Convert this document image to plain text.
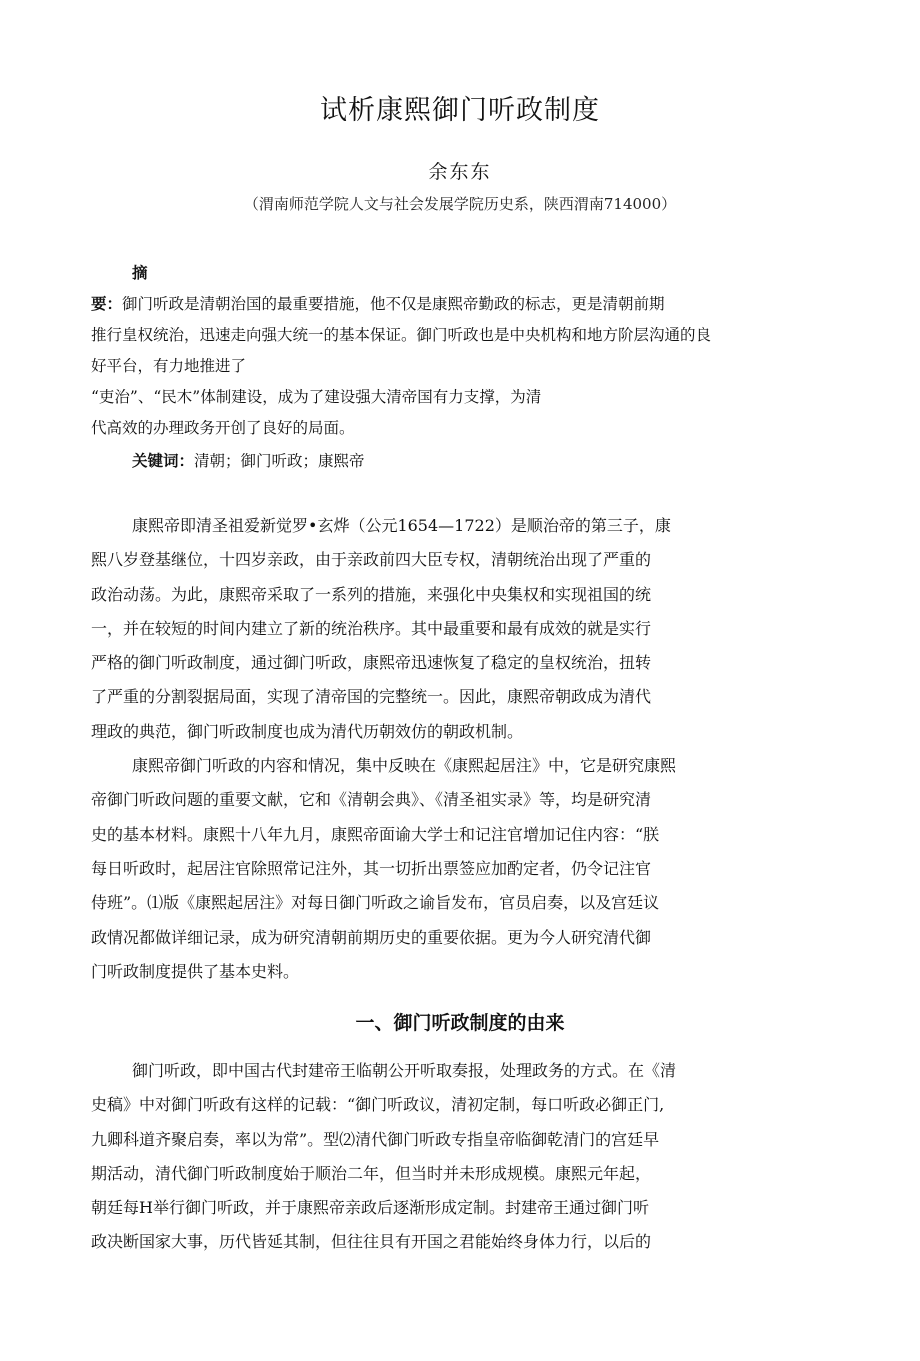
试析康熙御门听政制度
余东东
（渭南师范学院人文与社会发展学院历史系，陕西渭南714000）
摘
要：御门听政是清朝治国的最重要措施，他不仅是康熙帝勤政的标志，更是清朝前期
推行皇权统治，迅速走向强大统一的基本保证。御门听政也是中央机构和地方阶层沟通的良
好平台，有力地推进了
“吏治”、“民木”体制建设，成为了建设强大清帝国有力支撑，为清
代高效的办理政务开创了良好的局面。
关键词：清朝；御门听政；康熙帝
康熙帝即清圣祖爱新觉罗•玄烨（公元1654—1722）是顺治帝的第三子，康
熙八岁登基继位，十四岁亲政，由于亲政前四大臣专权，清朝统治出现了严重的
政治动荡。为此，康熙帝采取了一系列的措施，来强化中央集权和实现祖国的统
一，并在较短的时间内建立了新的统治秩序。其中最重要和最有成效的就是实行
严格的御门听政制度，通过御门听政，康熙帝迅速恢复了稳定的皇权统治，扭转
了严重的分割裂据局面，实现了清帝国的完整统一。因此，康熙帝朝政成为清代
理政的典范，御门听政制度也成为清代历朝效仿的朝政机制。
康熙帝御门听政的内容和情况，集中反映在《康熙起居注》中，它是研究康熙
帝御门听政问题的重要文献，它和《清朝会典》、《清圣祖实录》等，均是研究清
史的基本材料。康熙十八年九月，康熙帝面谕大学士和记注官增加记住内容：“朕
每日听政时，起居注官除照常记注外，其一切折出票签应加酌定者，仍令记注官
侍班”。⑴版《康熙起居注》对每日御门听政之谕旨发布，官员启奏，以及宫廷议
政情况都做详细记录，成为研究清朝前期历史的重要依据。更为今人研究清代御
门听政制度提供了基本史料。
一、御门听政制度的由来
御门听政，即中国古代封建帝王临朝公开听取奏报，处理政务的方式。在《清
史稿》中对御门听政有这样的记载：“御门听政议，清初定制，每口听政必御正门,
九卿科道齐聚启奏，率以为常”。型⑵清代御门听政专指皇帝临御乾清门的宫廷早
期活动，清代御门听政制度始于顺治二年，但当时并未形成规模。康熙元年起，
朝廷每H举行御门听政，并于康熙帝亲政后逐渐形成定制。封建帝王通过御门听
政决断国家大事，历代皆延其制，但往往貝有开国之君能始终身体力行，以后的
